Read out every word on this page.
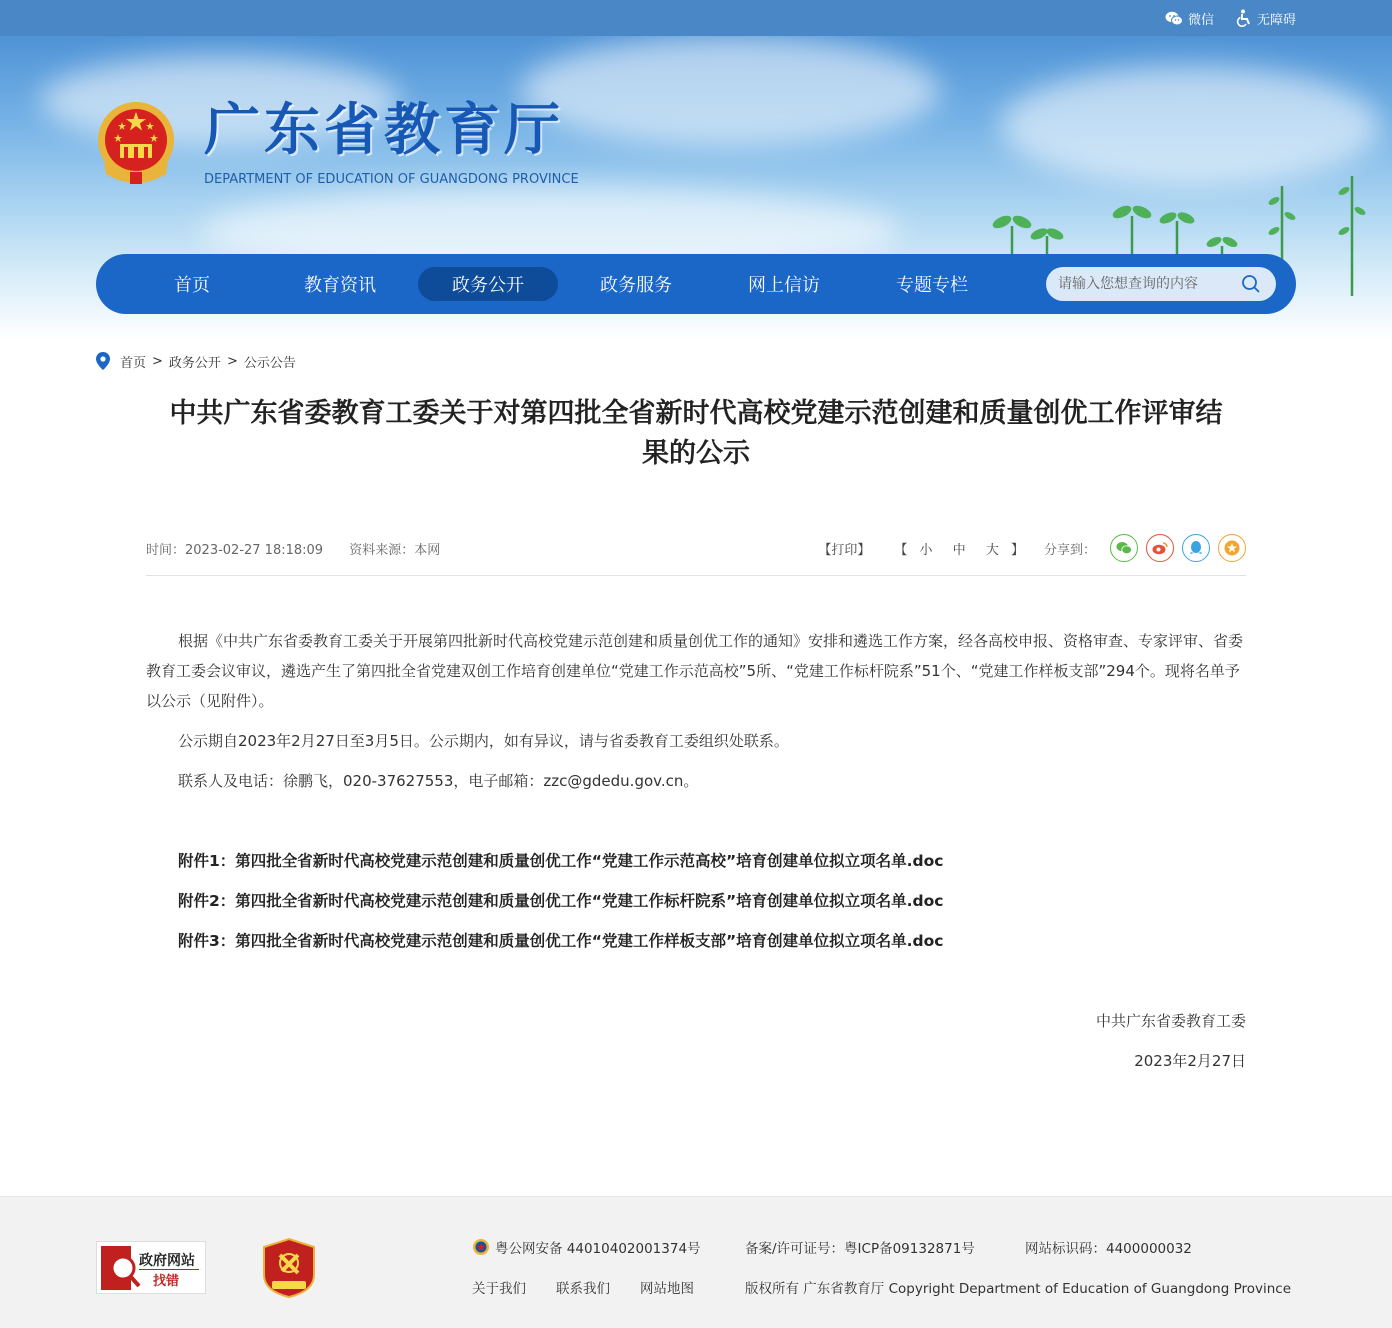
微信	无障碍
广东省教育厅
DEPARTMENT OF EDUCATION OF GUANGDONG PROVINCE
首页	教育资讯	政务公开	政务服务	网上信访	专题专栏
请输入您想查询的内容
首页 > 政务公开 > 公示公告
中共广东省委教育工委关于对第四批全省新时代高校党建示范创建和质量创优工作评审结
果的公示
时间：2023-02-27 18:18:09 资料来源：本网	【打印】 【 小 中 大 】 分享到：

根据《中共广东省委教育工委关于开展第四批新时代高校党建示范创建和质量创优工作的通知》安排和遴选工作方案，经各高校申报、资格审查、专家评审、省委教育工委会议审议，遴选产生了第四批全省党建双创工作培育创建单位“党建工作示范高校”5所、“党建工作标杆院系”51个、“党建工作样板支部”294个。现将名单予以公示（见附件）。

公示期自2023年2月27日至3月5日。公示期内，如有异议，请与省委教育工委组织处联系。

联系人及电话：徐鹏飞，020-37627553，电子邮箱：zzc@gdedu.gov.cn。

附件1：第四批全省新时代高校党建示范创建和质量创优工作“党建工作示范高校”培育创建单位拟立项名单.doc
附件2：第四批全省新时代高校党建示范创建和质量创优工作“党建工作标杆院系”培育创建单位拟立项名单.doc
附件3：第四批全省新时代高校党建示范创建和质量创优工作“党建工作样板支部”培育创建单位拟立项名单.doc
中共广东省委教育工委
2023年2月27日
政府网站
找错
粤公网安备 44010402001374号	备案/许可证号：粤ICP备09132871号	网站标识码：4400000032
关于我们 联系我们 网站地图	版权所有 广东省教育厅 Copyright Department of Education of Guangdong Province
